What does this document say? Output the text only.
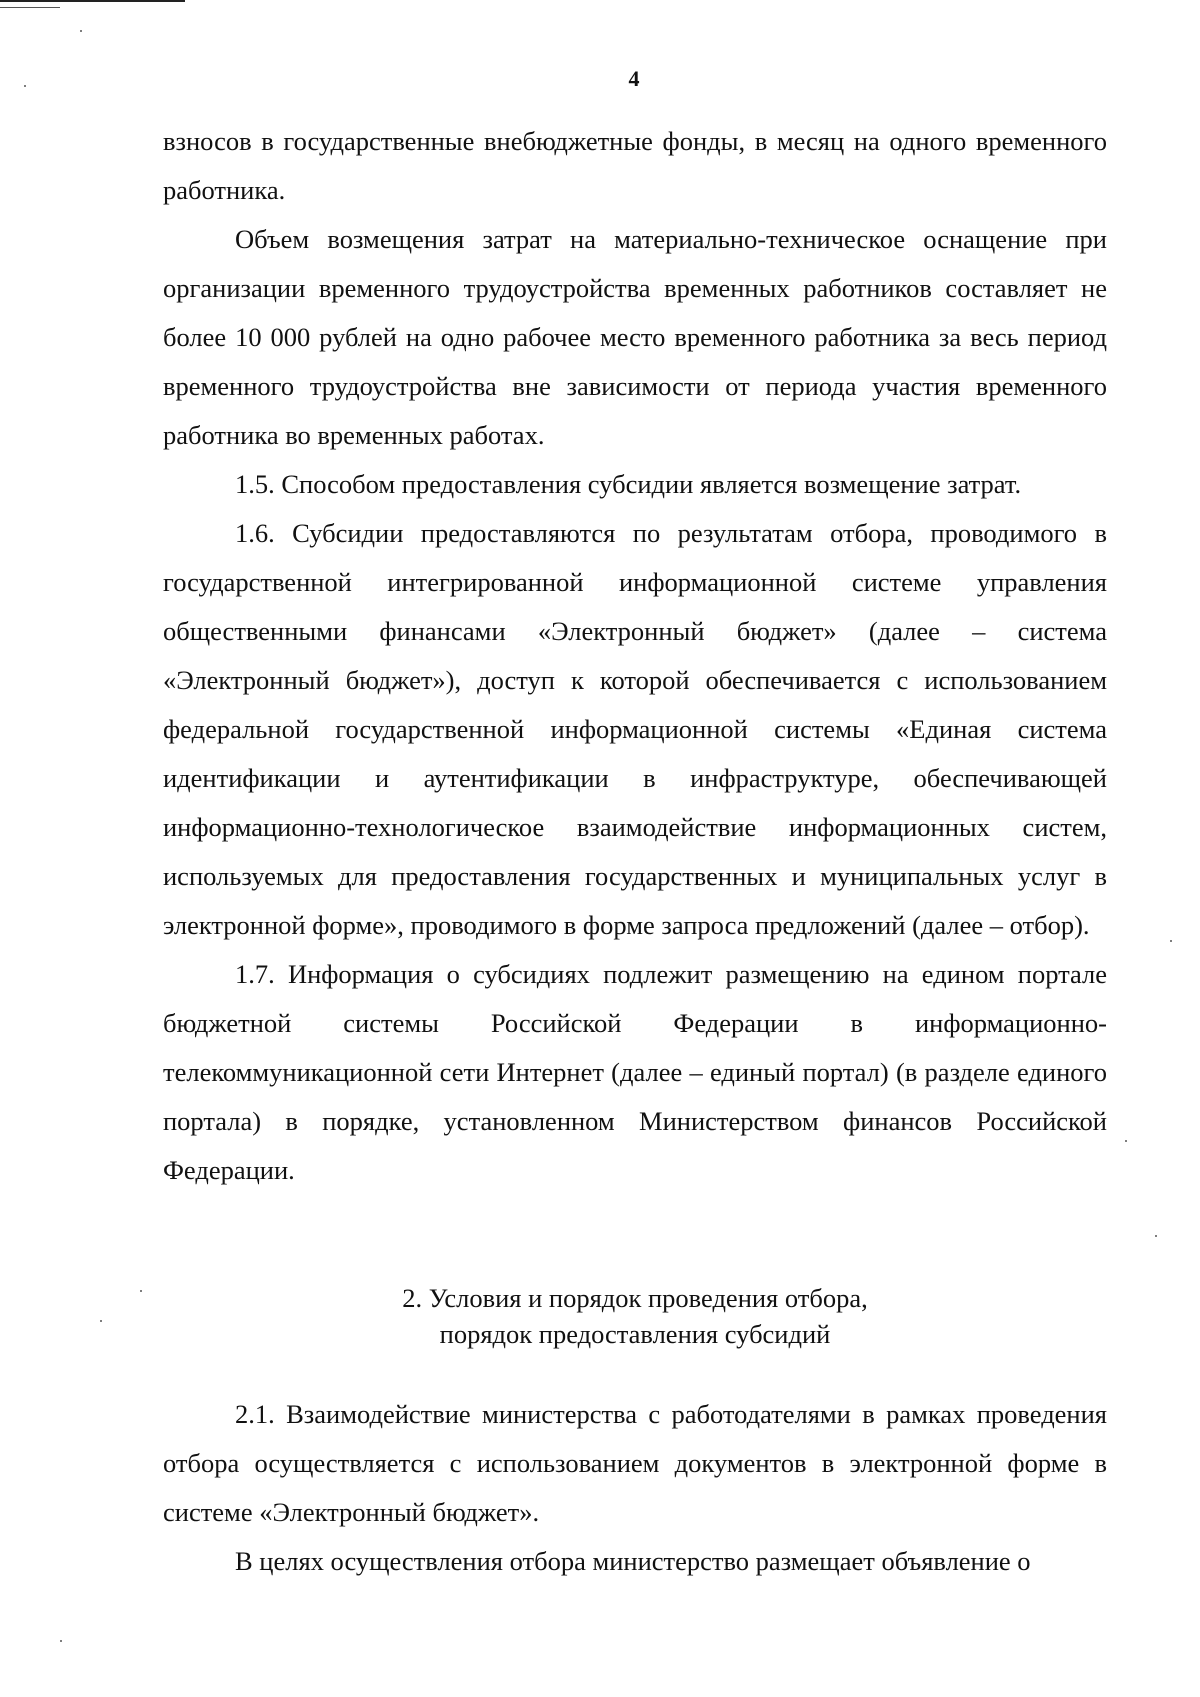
4

взносов в государственные внебюджетные фонды, в месяц на одного временного работника.

Объем возмещения затрат на материально-техническое оснащение при организации временного трудоустройства временных работников составляет не более 10 000 рублей на одно рабочее место временного работника за весь период временного трудоустройства вне зависимости от периода участия временного работника во временных работах.

1.5. Способом предоставления субсидии является возмещение затрат.

1.6. Субсидии предоставляются по результатам отбора, проводимого в государственной интегрированной информационной системе управления общественными финансами «Электронный бюджет» (далее – система «Электронный бюджет»), доступ к которой обеспечивается с использованием федеральной государственной информационной системы «Единая система идентификации и аутентификации в инфраструктуре, обеспечивающей информационно-технологическое взаимодействие информационных систем, используемых для предоставления государственных и муниципальных услуг в электронной форме», проводимого в форме запроса предложений (далее – отбор).

1.7. Информация о субсидиях подлежит размещению на едином портале бюджетной системы Российской Федерации в информационно-телекоммуникационной сети Интернет (далее – единый портал) (в разделе единого портала) в порядке, установленном Министерством финансов Российской Федерации.

2. Условия и порядок проведения отбора,
порядок предоставления субсидий

2.1. Взаимодействие министерства с работодателями в рамках проведения отбора осуществляется с использованием документов в электронной форме в системе «Электронный бюджет».

В целях осуществления отбора министерство размещает объявление о
